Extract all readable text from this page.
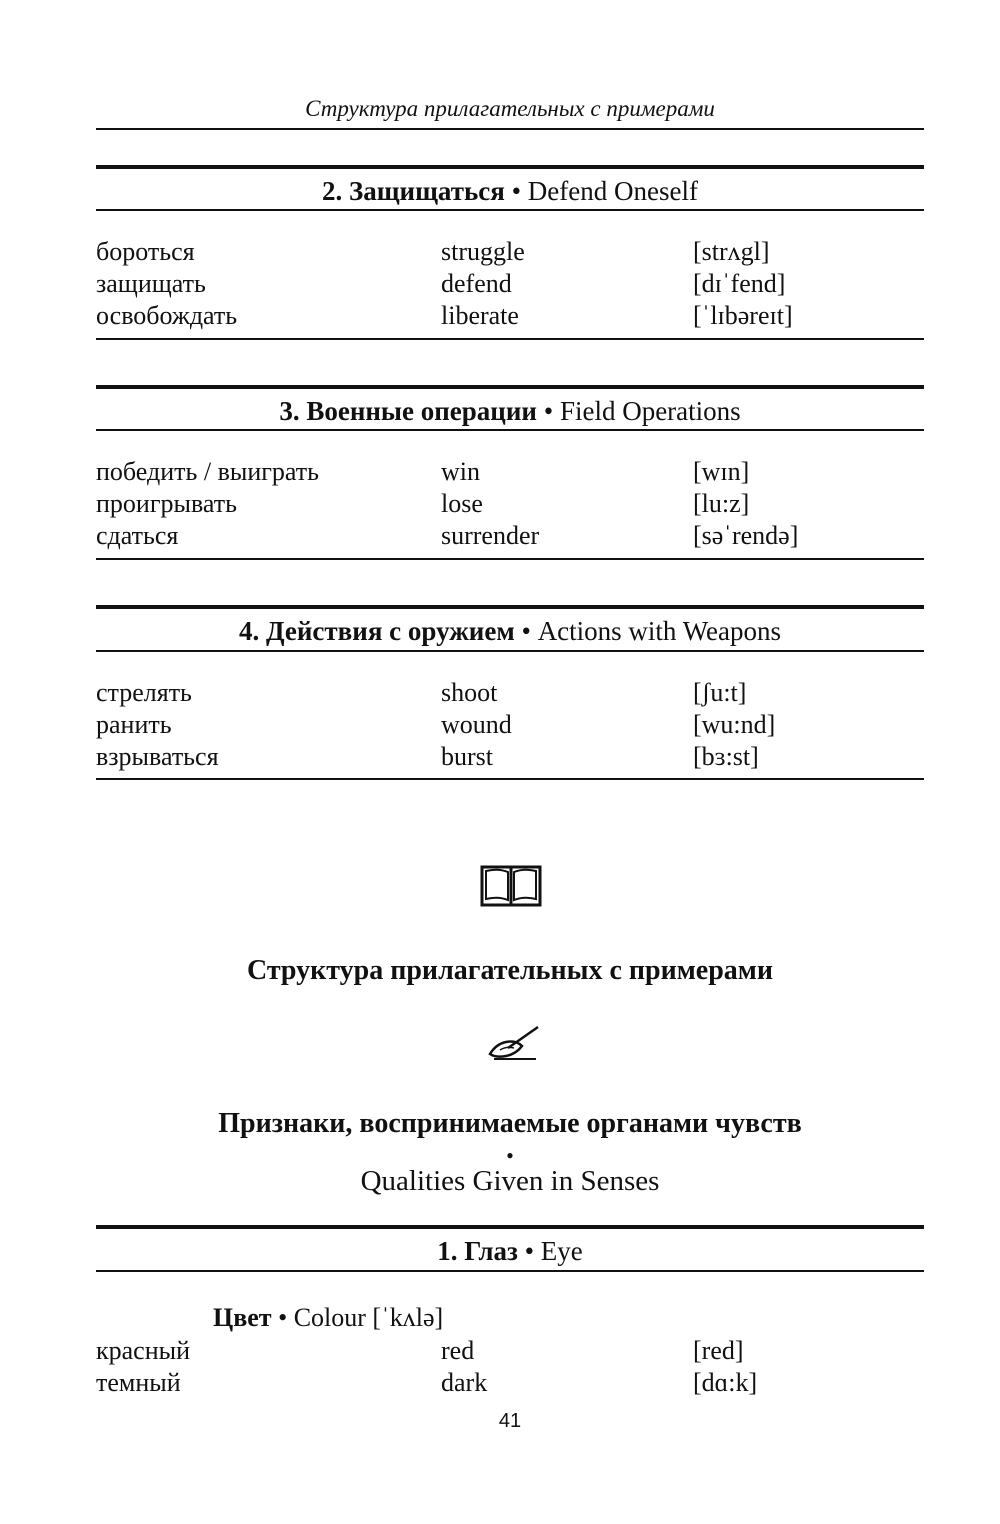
Структура прилагательных с примерами
2. Защищаться • Defend Oneself
бороться	struggle	[strʌgl]
защищать	defend	[dɪˈfend]
освобождать	liberate	[ˈlɪbəreɪt]
3. Военные операции • Field Operations
победить / выиграть	win	[wɪn]
проигрывать	lose	[lu:z]
сдаться	surrender	[səˈrendə]
4. Действия с оружием • Actions with Weapons
стрелять	shoot	[ʃu:t]
ранить	wound	[wu:nd]
взрываться	burst	[bɜ:st]
Структура прилагательных с примерами
Признаки, воспринимаемые органами чувств
•
Qualities Given in Senses
1. Глаз • Eye
Цвет • Colour [ˈkʌlə]
красный	red	[red]
темный	dark	[dɑ:k]
41
